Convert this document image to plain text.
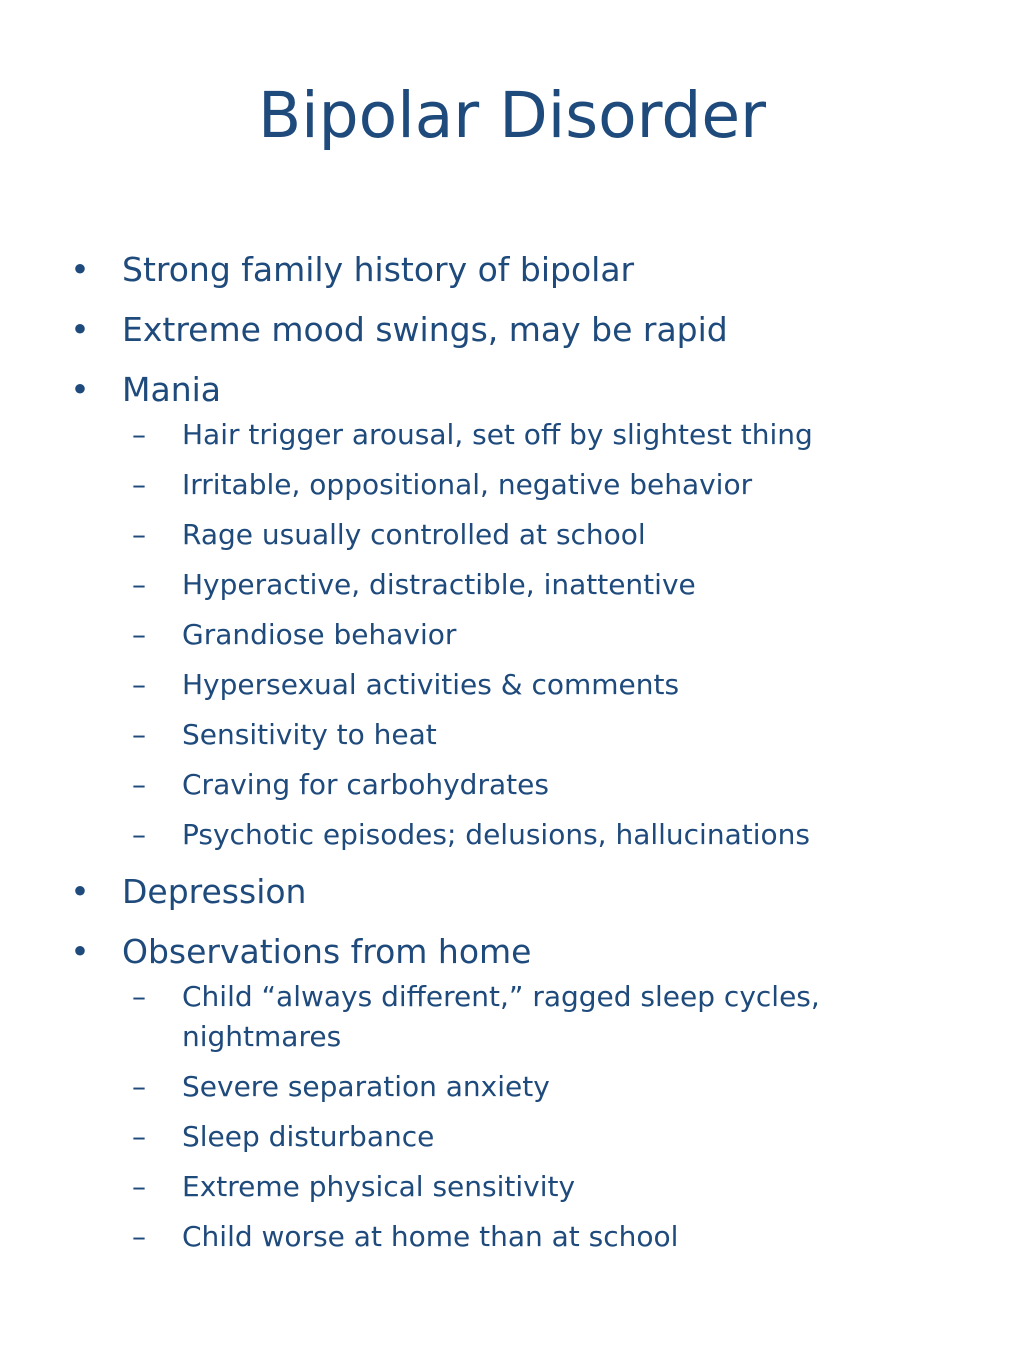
Bipolar Disorder
• Strong family history of bipolar
• Extreme mood swings, may be rapid
• Mania
–	Hair trigger arousal, set off by slightest thing
–	Irritable, oppositional, negative behavior
–	Rage usually controlled at school
–	Hyperactive, distractible, inattentive
–	Grandiose behavior
–	Hypersexual activities & comments
–	Sensitivity to heat
–	Craving for carbohydrates
–	Psychotic episodes; delusions, hallucinations
• Depression
• Observations from home
–	Child “always different,” ragged sleep cycles, nightmares
–	Severe separation anxiety
–	Sleep disturbance
–	Extreme physical sensitivity
–	Child worse at home than at school
